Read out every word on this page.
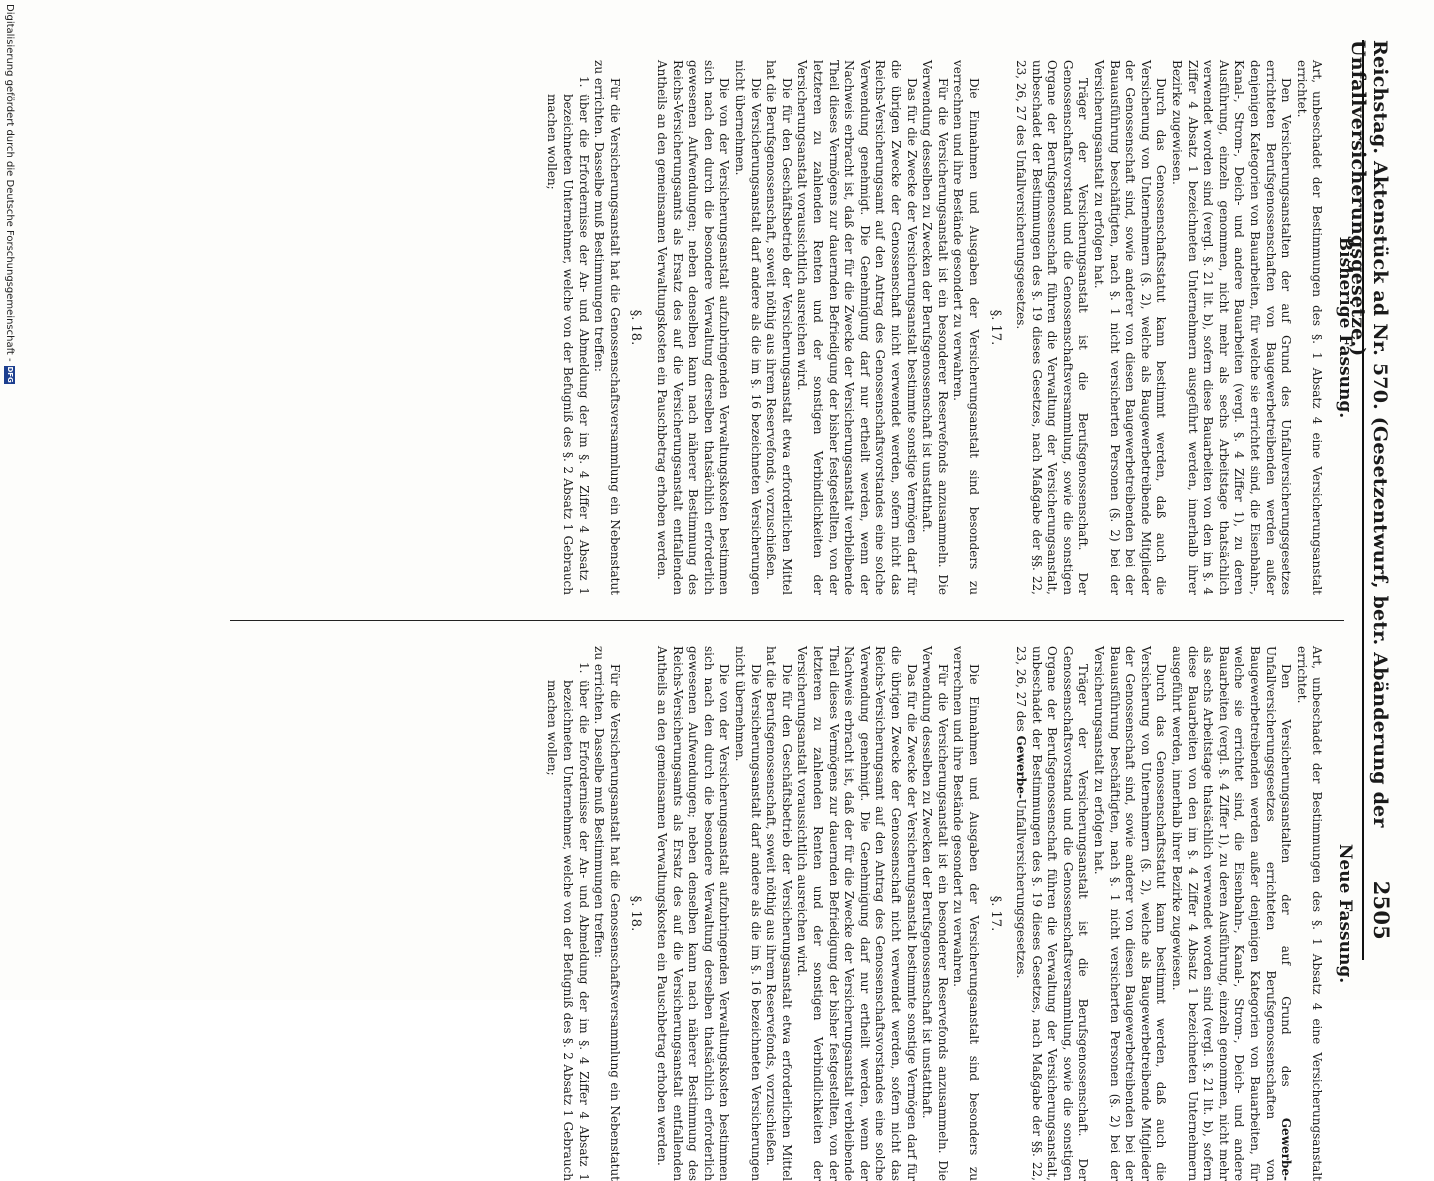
Reichstag. Aktenstück ad Nr. 570. (Gesetzentwurf, betr. Abänderung der Unfallversicherungsgesetze.)
2505
Bisherige Fassung.

Art, unbeschadet der Bestimmungen des §. 1 Absatz 4 eine Versicherungsanstalt errichtet.

Den Versicherungsanstalten der auf Grund des Unfallversicherungsgesetzes errichteten Berufsgenossenschaften von Baugewerbetreibenden werden außer denjenigen Kategorien von Bauarbeiten, für welche sie errichtet sind, die Eisenbahn-, Kanal-, Strom-, Deich- und andere Bauarbeiten (vergl. §. 4 Ziffer 1), zu deren Ausführung, einzeln genommen, nicht mehr als sechs Arbeitstage thatsächlich verwendet worden sind (vergl. §. 21 lit. b), sofern diese Bauarbeiten von den im §. 4 Ziffer 4 Absatz 1 bezeichneten Unternehmern ausgeführt werden, innerhalb ihrer Bezirke zugewiesen.

Durch das Genossenschaftsstatut kann bestimmt werden, daß auch die Versicherung von Unternehmern (§. 2), welche als Baugewerbetreibende Mitglieder der Genossenschaft sind, sowie anderer von diesen Baugewerbetreibenden bei der Bauausführung beschäftigten, nach §. 1 nicht versicherten Personen (§. 2) bei der Versicherungsanstalt zu erfolgen hat.

Träger der Versicherungsanstalt ist die Berufsgenossenschaft. Der Genossenschaftsvorstand und die Genossenschaftsversammlung, sowie die sonstigen Organe der Berufsgenossenschaft führen die Verwaltung der Versicherungsanstalt, unbeschadet der Bestimmungen des §. 19 dieses Gesetzes, nach Maßgabe der §§. 22, 23, 26, 27 des Unfallversicherungsgesetzes.

§. 17.

Die Einnahmen und Ausgaben der Versicherungsanstalt sind besonders zu verrechnen und ihre Bestände gesondert zu verwahren.

Für die Versicherungsanstalt ist ein besonderer Reservefonds anzusammeln. Die Verwendung desselben zu Zwecken der Berufsgenossenschaft ist unstatthaft.

Das für die Zwecke der Versicherungsanstalt bestimmte sonstige Vermögen darf für die übrigen Zwecke der Genossenschaft nicht verwendet werden, sofern nicht das Reichs-Versicherungsamt auf den Antrag des Genossenschaftsvorstandes eine solche Verwendung genehmigt. Die Genehmigung darf nur ertheilt werden, wenn der Nachweis erbracht ist, daß der für die Zwecke der Versicherungsanstalt verbleibende Theil dieses Vermögens zur dauernden Befriedigung der bisher festgestellten, von der letzteren zu zahlenden Renten und der sonstigen Verbindlichkeiten der Versicherungsanstalt voraussichtlich ausreichen wird.

Die für den Geschäftsbetrieb der Versicherungsanstalt etwa erforderlichen Mittel hat die Berufsgenossenschaft, soweit nöthig aus ihrem Reservefonds, vorzuschießen.

Die Versicherungsanstalt darf andere als die im §. 16 bezeichneten Versicherungen nicht übernehmen.

Die von der Versicherungsanstalt aufzubringenden Verwaltungskosten bestimmen sich nach den durch die besondere Verwaltung derselben thatsächlich erforderlich gewesenen Aufwendungen; neben denselben kann nach näherer Bestimmung des Reichs-Versicherungsamts als Ersatz des auf die Versicherungsanstalt entfallenden Antheils an den gemeinsamen Verwaltungskosten ein Pauschbetrag erhoben werden.

§. 18.

Für die Versicherungsanstalt hat die Genossenschaftsversammlung ein Nebenstatut zu errichten. Dasselbe muß Bestimmungen treffen:

1. über die Erfordernisse der An- und Abmeldung der im §. 4 Ziffer 4 Absatz 1 bezeichneten Unternehmer, welche von der Befugniß des §. 2 Absatz 1 Gebrauch machen wollen;

Neue Fassung.

Art, unbeschadet der Bestimmungen des §. 1 Absatz 4 eine Versicherungsanstalt errichtet.

Den Versicherungsanstalten der auf Grund des Gewerbe-Unfallversicherungsgesetzes errichteten Berufsgenossenschaften von Baugewerbetreibenden werden außer denjenigen Kategorien von Bauarbeiten, für welche sie errichtet sind, die Eisenbahn-, Kanal-, Strom-, Deich- und andere Bauarbeiten (vergl. §. 4 Ziffer 1), zu deren Ausführung, einzeln genommen, nicht mehr als sechs Arbeitstage thatsächlich verwendet worden sind (vergl. §. 21 lit. b), sofern diese Bauarbeiten von den im §. 4 Ziffer 4 Absatz 1 bezeichneten Unternehmern ausgeführt werden, innerhalb ihrer Bezirke zugewiesen.

Durch das Genossenschaftsstatut kann bestimmt werden, daß auch die Versicherung von Unternehmern (§. 2), welche als Baugewerbetreibende Mitglieder der Genossenschaft sind, sowie anderer von diesen Baugewerbetreibenden bei der Bauausführung beschäftigten, nach §. 1 nicht versicherten Personen (§. 2) bei der Versicherungsanstalt zu erfolgen hat.

Träger der Versicherungsanstalt ist die Berufsgenossenschaft. Der Genossenschaftsvorstand und die Genossenschaftsversammlung, sowie die sonstigen Organe der Berufsgenossenschaft führen die Verwaltung der Versicherungsanstalt, unbeschadet der Bestimmungen des §. 19 dieses Gesetzes, nach Maßgabe der §§. 22, 23, 26, 27 des Gewerbe-Unfallversicherungsgesetzes.

§. 17.

Die Einnahmen und Ausgaben der Versicherungsanstalt sind besonders zu verrechnen und ihre Bestände gesondert zu verwahren.

Für die Versicherungsanstalt ist ein besonderer Reservefonds anzusammeln. Die Verwendung desselben zu Zwecken der Berufsgenossenschaft ist unstatthaft.

Das für die Zwecke der Versicherungsanstalt bestimmte sonstige Vermögen darf für die übrigen Zwecke der Genossenschaft nicht verwendet werden, sofern nicht das Reichs-Versicherungsamt auf den Antrag des Genossenschaftsvorstandes eine solche Verwendung genehmigt. Die Genehmigung darf nur ertheilt werden, wenn der Nachweis erbracht ist, daß der für die Zwecke der Versicherungsanstalt verbleibende Theil dieses Vermögens zur dauernden Befriedigung der bisher festgestellten, von der letzteren zu zahlenden Renten und der sonstigen Verbindlichkeiten der Versicherungsanstalt voraussichtlich ausreichen wird.

Die für den Geschäftsbetrieb der Versicherungsanstalt etwa erforderlichen Mittel hat die Berufsgenossenschaft, soweit nöthig aus ihrem Reservefonds, vorzuschießen.

Die Versicherungsanstalt darf andere als die im §. 16 bezeichneten Versicherungen nicht übernehmen.

Die von der Versicherungsanstalt aufzubringenden Verwaltungskosten bestimmen sich nach den durch die besondere Verwaltung derselben thatsächlich erforderlich gewesenen Aufwendungen; neben denselben kann nach näherer Bestimmung des Reichs-Versicherungsamts als Ersatz des auf die Versicherungsanstalt entfallenden Antheils an den gemeinsamen Verwaltungskosten ein Pauschbetrag erhoben werden.

§. 18.

Für die Versicherungsanstalt hat die Genossenschaftsversammlung ein Nebenstatut zu errichten. Dasselbe muß Bestimmungen treffen:

1. über die Erfordernisse der An- und Abmeldung der im §. 4 Ziffer 4 Absatz 1 bezeichneten Unternehmer, welche von der Befugniß des §. 2 Absatz 1 Gebrauch machen wollen;

Digitalisierung gefördert durch die Deutsche Forschungsgemeinschaft -
DFG
